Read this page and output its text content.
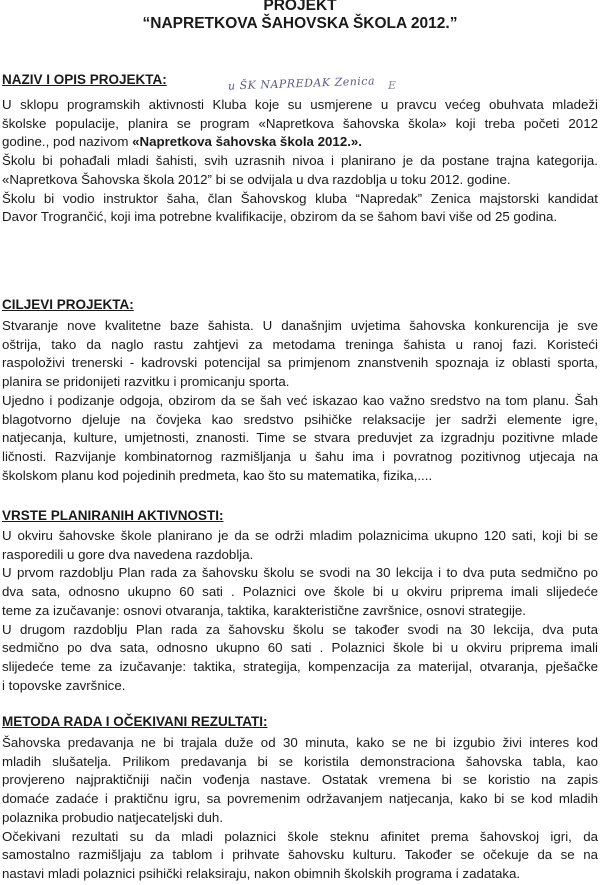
PROJEKT
“NAPRETKOVA ŠAHOVSKA ŠKOLA 2012.”
u ŠK NAPREDAK Zenica E
NAZIV I OPIS PROJEKTA:
U sklopu programskih aktivnosti Kluba koje su usmjerene u pravcu većeg obuhvata mladeži
školske populacije, planira se program «Napretkova šahovska škola» koji treba početi 2012
godine., pod nazivom «Napretkova šahovska škola 2012.».
Školu bi pohađali mladi šahisti, svih uzrasnih nivoa i planirano je da postane trajna kategorija.
«Napretkova Šahovska škola 2012” bi se odvijala u dva razdoblja u toku 2012. godine.
Školu bi vodio instruktor šaha, član Šahovskog kluba “Napredak” Zenica majstorski kandidat
Davor Trogrančić, koji ima potrebne kvalifikacije, obzirom da se šahom bavi više od 25 godina.
CILJEVI PROJEKTA:
Stvaranje nove kvalitetne baze šahista. U današnjim uvjetima šahovska konkurencija je sve
oštrija, tako da naglo rastu zahtjevi za metodama treninga šahista u ranoj fazi. Koristeći
raspoloživi trenerski - kadrovski potencijal sa primjenom znanstvenih spoznaja iz oblasti sporta,
planira se pridonijeti razvitku i promicanju sporta.
Ujedno i podizanje odgoja, obzirom da se šah već iskazao kao važno sredstvo na tom planu. Šah
blagotvorno djeluje na čovjeka kao sredstvo psihičke relaksacije jer sadrži elemente igre,
natjecanja, kulture, umjetnosti, znanosti. Time se stvara preduvjet za izgradnju pozitivne mlade
ličnosti. Razvijanje kombinatornog razmišljanja u šahu ima i povratnog pozitivnog utjecaja na
školskom planu kod pojedinih predmeta, kao što su matematika, fizika,....
VRSTE PLANIRANIH AKTIVNOSTI:
U okviru šahovske škole planirano je da se održi mladim polaznicima ukupno 120 sati, koji bi se
rasporedili u gore dva navedena razdoblja.
U prvom razdoblju Plan rada za šahovsku školu se svodi na 30 lekcija i to dva puta sedmično po
dva sata, odnosno ukupno 60 sati . Polaznici ove škole bi u okviru priprema imali slijedeće
teme za izučavanje: osnovi otvaranja, taktika, karakteristične završnice, osnovi strategije.
U drugom razdoblju Plan rada za šahovsku školu se također svodi na 30 lekcija, dva puta
sedmično po dva sata, odnosno ukupno 60 sati . Polaznici škole bi u okviru priprema imali
slijedeće teme za izučavanje: taktika, strategija, kompenzacija za materijal, otvaranja, pješačke
i topovske završnice.
METODA RADA I OČEKIVANI REZULTATI:
Šahovska predavanja ne bi trajala duže od 30 minuta, kako se ne bi izgubio živi interes kod
mladih slušatelja. Prilikom predavanja bi se koristila demonstraciona šahovska tabla, kao
provjereno najpraktičniji način vođenja nastave. Ostatak vremena bi se koristio na zapis
domaće zadaće i praktičnu igru, sa povremenim održavanjem natjecanja, kako bi se kod mladih
polaznika probudio natjecateljski duh.
Očekivani rezultati su da mladi polaznici škole steknu afinitet prema šahovskoj igri, da
samostalno razmišljaju za tablom i prihvate šahovsku kulturu. Također se očekuje da se na
nastavi mladi polaznici psihički relaksiraju, nakon obimnih školskih programa i zadataka.
